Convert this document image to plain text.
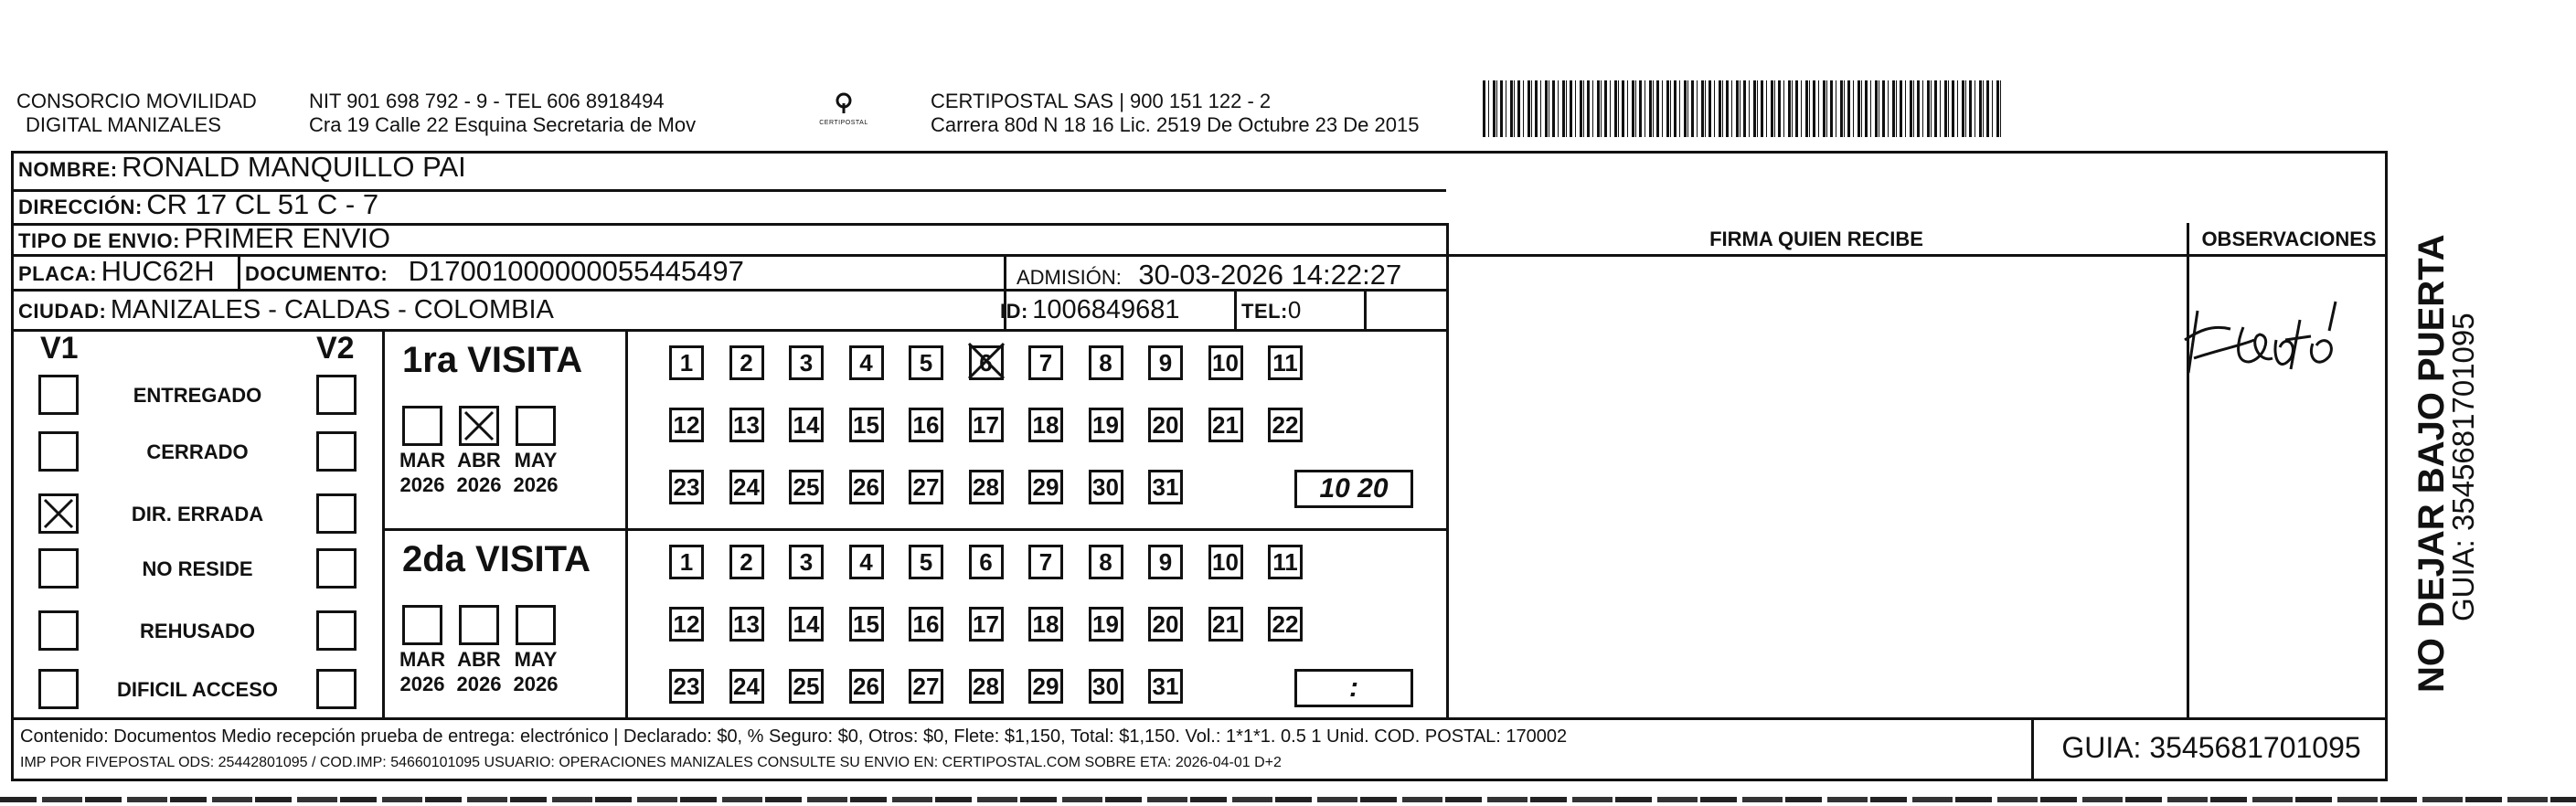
CONSORCIO MOVILIDAD
DIGITAL MANIZALES
NIT 901 698 792 - 9 - TEL 606 8918494
Cra 19 Calle 22 Esquina Secretaria de Mov	CERTIPOSTAL
CERTIPOSTAL SAS | 900 151 122 - 2
Carrera 80d N 18 16 Lic. 2519 De Octubre 23 De 2015
NOMBRE: RONALD MANQUILLO PAI
DIRECCIÓN: CR 17 CL 51 C - 7
TIPO DE ENVIO: PRIMER ENVIO
PLACA: HUC62H DOCUMENTO: D17001000000055445497	ADMISIÓN: 30-03-2026 14:22:27
CIUDAD: MANIZALES - CALDAS - COLOMBIA	ID: 1006849681	TEL:0
FIRMA QUIEN RECIBE	OBSERVACIONES
V1	V2
ENTREGADO
CERRADO
DIR. ERRADA
NO RESIDE
REHUSADO
DIFICIL ACCESO
1ra VISITA
MAR
2026
ABR
2026
MAY
2026
1	2	3	4	5	6	7	8	9	10 11
12 13 14 15 16 17 18 19 20 21 22
23 24 25 26 27 28 29 30 31	10 20
2da VISITA
MAR
2026
ABR
2026
MAY
2026
1	2	3	4	5	6	7	8	9	10 11
12 13 14 15 16 17 18 19 20 21 22
23 24 25 26 27 28 29 30 31	:
Contenido: Documentos Medio recepción prueba de entrega: electrónico | Declarado: $0, % Seguro: $0, Otros: $0, Flete: $1,150, Total: $1,150. Vol.: 1*1*1. 0.5 1 Unid. COD. POSTAL: 170002
IMP POR FIVEPOSTAL ODS: 25442801095 / COD.IMP: 54660101095 USUARIO: OPERACIONES MANIZALES CONSULTE SU ENVIO EN: CERTIPOSTAL.COM SOBRE ETA: 2026-04-01 D+2	GUIA: 3545681701095
NO DEJAR BAJO PUERTA
GUIA: 3545681701095
